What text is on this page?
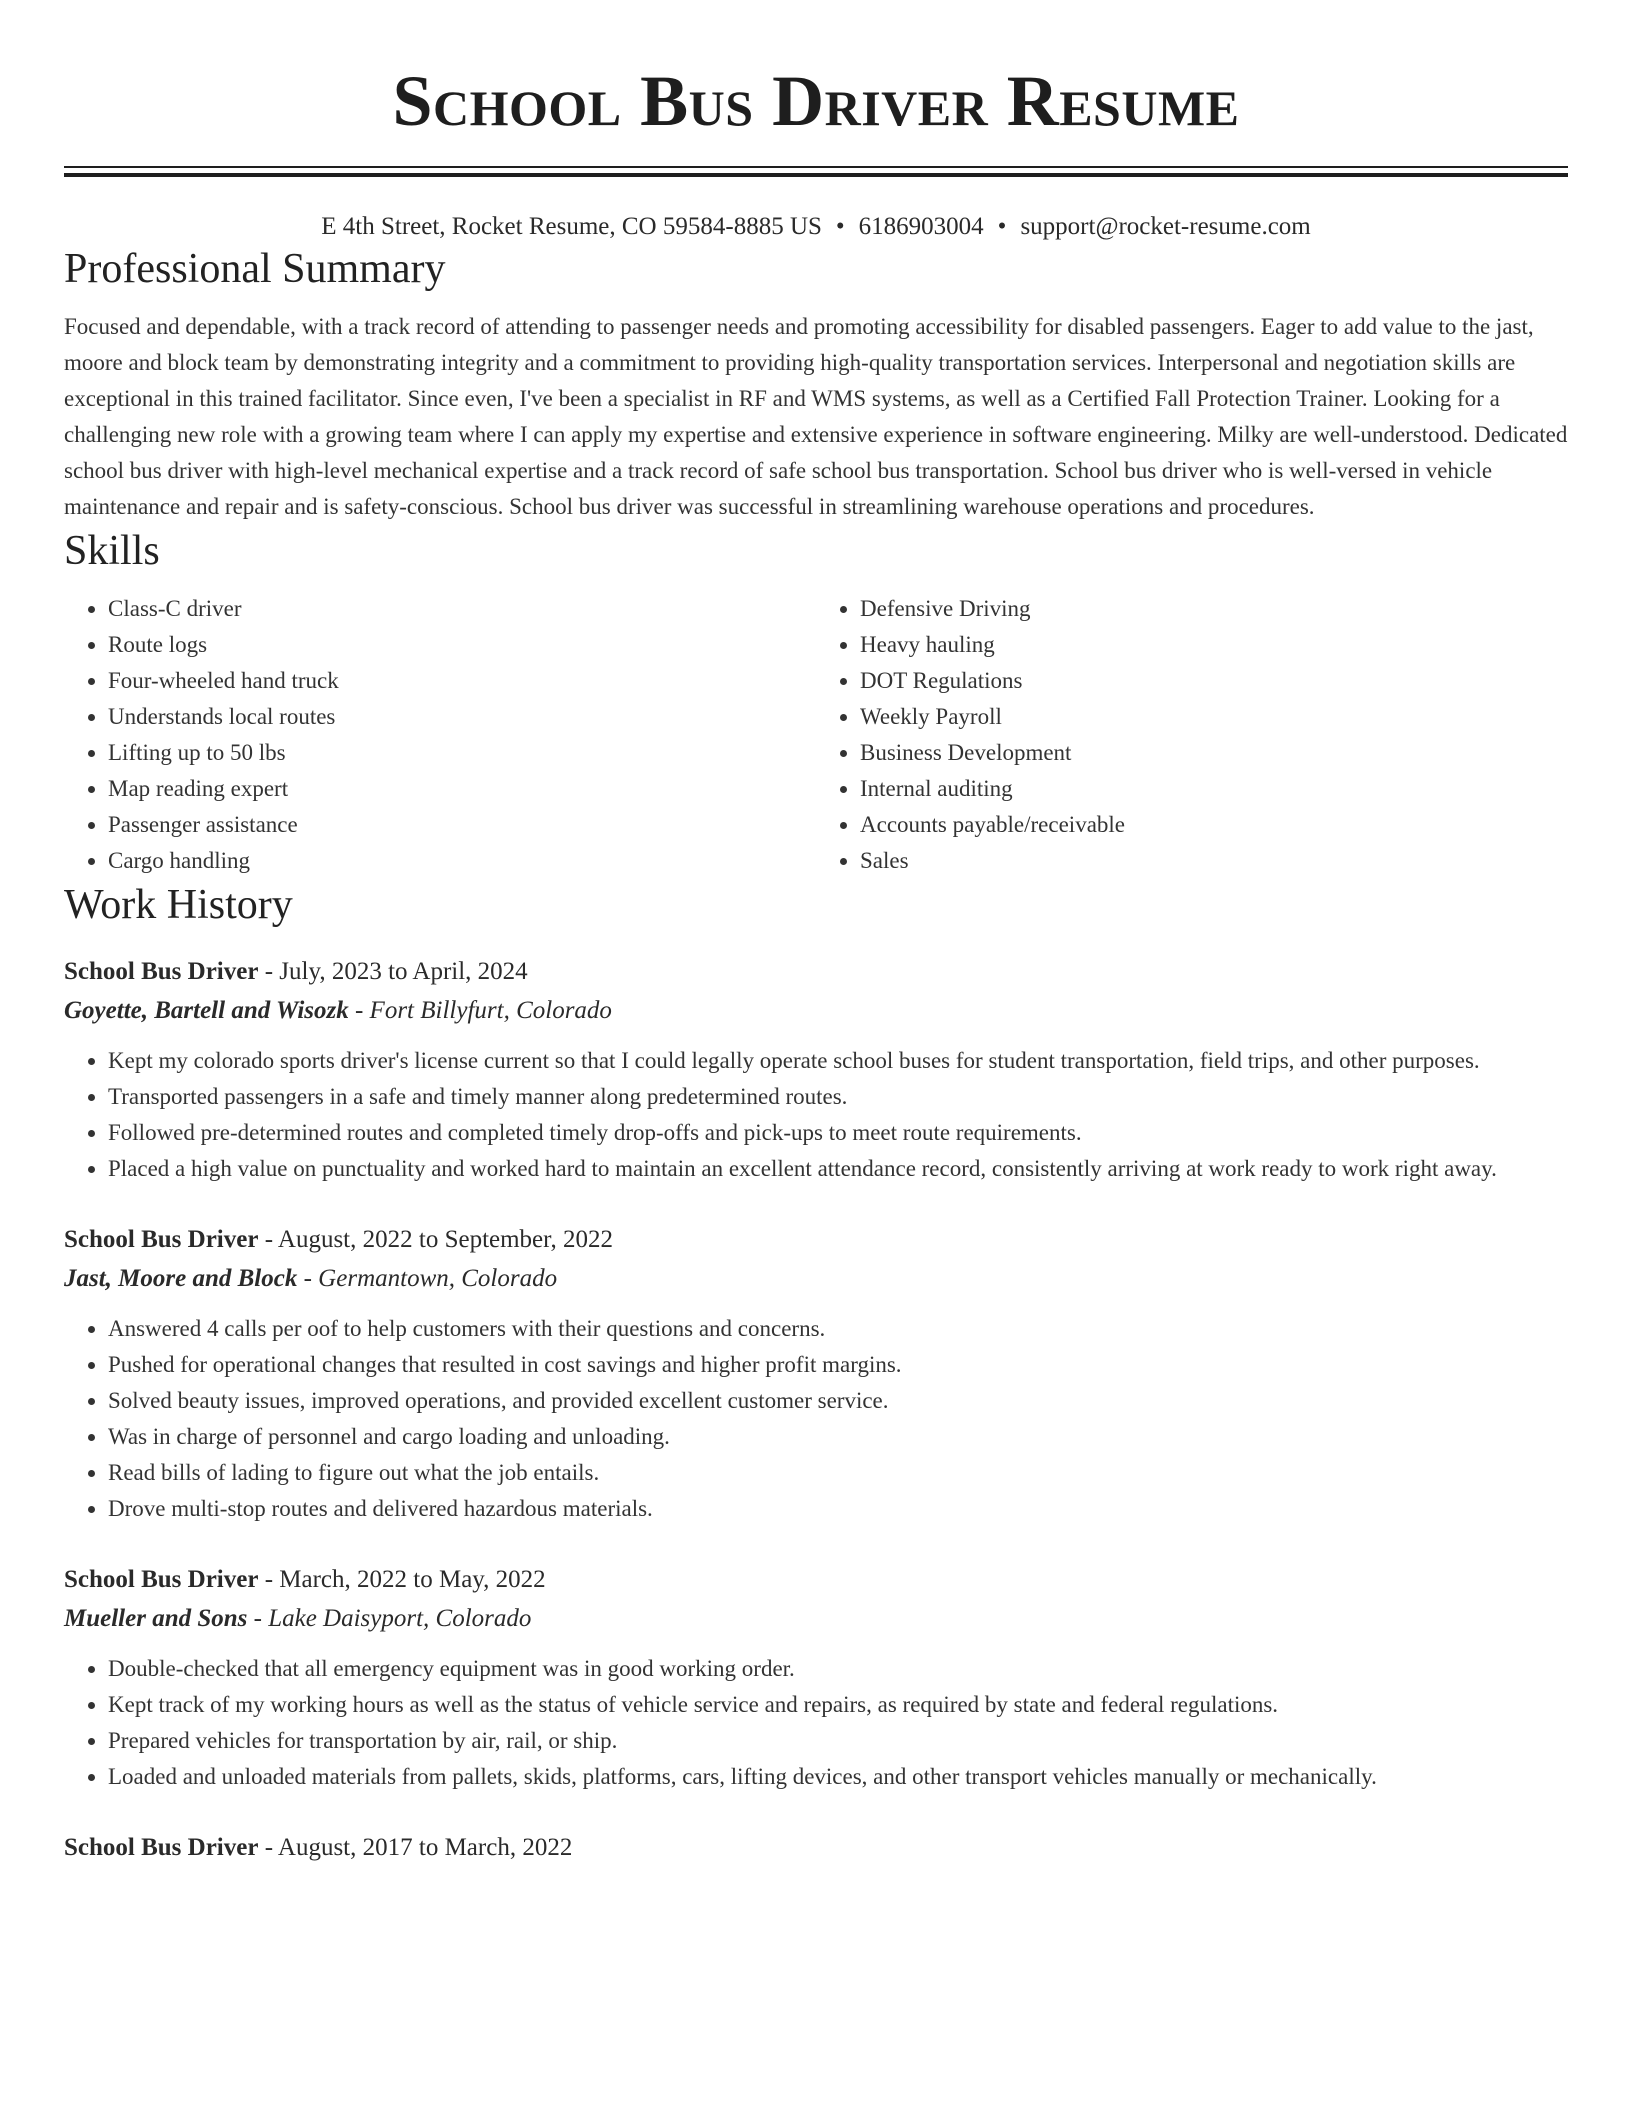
School Bus Driver Resume
E 4th Street, Rocket Resume, CO 59584-8885 US • 6186903004 • support@rocket-resume.com
Professional Summary
Focused and dependable, with a track record of attending to passenger needs and promoting accessibility for disabled passengers. Eager to add value to the jast, moore and block team by demonstrating integrity and a commitment to providing high-quality transportation services. Interpersonal and negotiation skills are exceptional in this trained facilitator. Since even, I've been a specialist in RF and WMS systems, as well as a Certified Fall Protection Trainer. Looking for a challenging new role with a growing team where I can apply my expertise and extensive experience in software engineering. Milky are well-understood. Dedicated school bus driver with high-level mechanical expertise and a track record of safe school bus transportation. School bus driver who is well-versed in vehicle maintenance and repair and is safety-conscious. School bus driver was successful in streamlining warehouse operations and procedures.
Skills
• Class-C driver
• Route logs
• Four-wheeled hand truck
• Understands local routes
• Lifting up to 50 lbs
• Map reading expert
• Passenger assistance
• Cargo handling
• Defensive Driving
• Heavy hauling
• DOT Regulations
• Weekly Payroll
• Business Development
• Internal auditing
• Accounts payable/receivable
• Sales
Work History
School Bus Driver - July, 2023 to April, 2024
Goyette, Bartell and Wisozk - Fort Billyfurt, Colorado
• Kept my colorado sports driver's license current so that I could legally operate school buses for student transportation, field trips, and other purposes.
• Transported passengers in a safe and timely manner along predetermined routes.
• Followed pre-determined routes and completed timely drop-offs and pick-ups to meet route requirements.
• Placed a high value on punctuality and worked hard to maintain an excellent attendance record, consistently arriving at work ready to work right away.
School Bus Driver - August, 2022 to September, 2022
Jast, Moore and Block - Germantown, Colorado
• Answered 4 calls per oof to help customers with their questions and concerns.
• Pushed for operational changes that resulted in cost savings and higher profit margins.
• Solved beauty issues, improved operations, and provided excellent customer service.
• Was in charge of personnel and cargo loading and unloading.
• Read bills of lading to figure out what the job entails.
• Drove multi-stop routes and delivered hazardous materials.
School Bus Driver - March, 2022 to May, 2022
Mueller and Sons - Lake Daisyport, Colorado
• Double-checked that all emergency equipment was in good working order.
• Kept track of my working hours as well as the status of vehicle service and repairs, as required by state and federal regulations.
• Prepared vehicles for transportation by air, rail, or ship.
• Loaded and unloaded materials from pallets, skids, platforms, cars, lifting devices, and other transport vehicles manually or mechanically.
School Bus Driver - August, 2017 to March, 2022
